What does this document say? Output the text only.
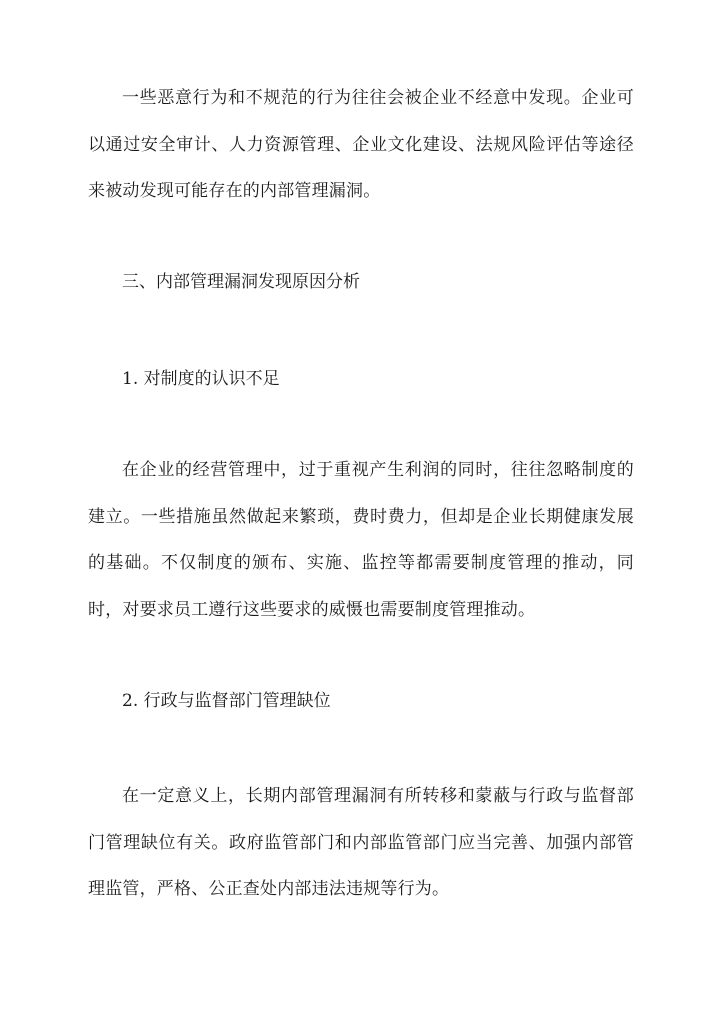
一些恶意行为和不规范的行为往往会被企业不经意中发现。企业可以通过安全审计、人力资源管理、企业文化建设、法规风险评估等途径来被动发现可能存在的内部管理漏洞。

三、内部管理漏洞发现原因分析

1. 对制度的认识不足

在企业的经营管理中，过于重视产生利润的同时，往往忽略制度的建立。一些措施虽然做起来繁琐，费时费力，但却是企业长期健康发展的基础。不仅制度的颁布、实施、监控等都需要制度管理的推动，同时，对要求员工遵行这些要求的威慑也需要制度管理推动。

2. 行政与监督部门管理缺位

在一定意义上，长期内部管理漏洞有所转移和蒙蔽与行政与监督部门管理缺位有关。政府监管部门和内部监管部门应当完善、加强内部管理监管，严格、公正查处内部违法违规等行为。
